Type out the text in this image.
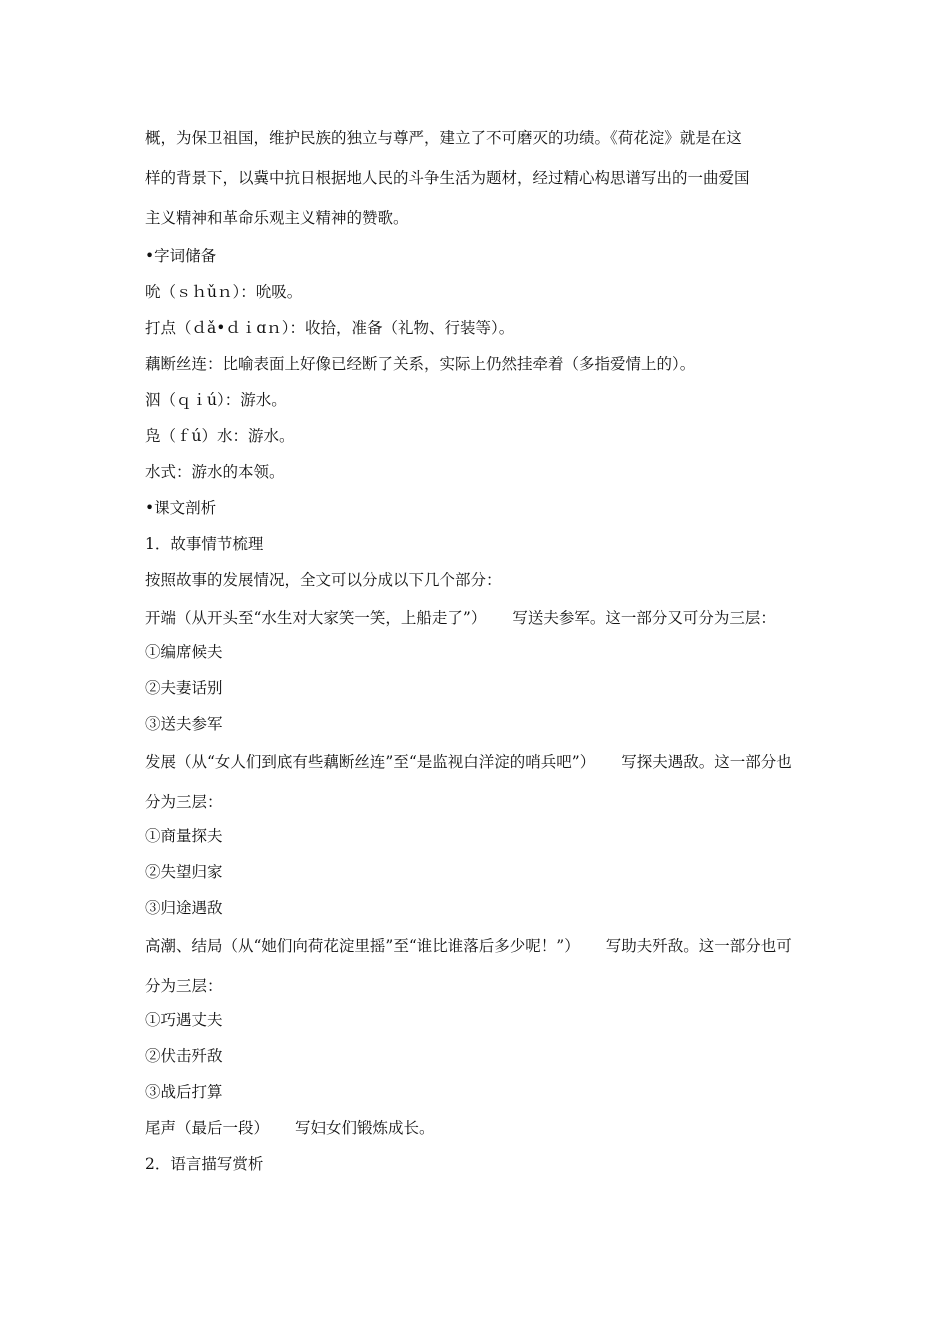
概，为保卫祖国，维护民族的独立与尊严，建立了不可磨灭的功绩。《荷花淀》就是在这
样的背景下，以冀中抗日根据地人民的斗争生活为题材，经过精心构思谱写出的一曲爱国
主义精神和革命乐观主义精神的赞歌。
•字词储备
吮（ｓｈǔｎ）：吮吸。
打点（ｄǎ•ｄｉɑｎ）：收拾，准备（礼物、行装等）。
藕断丝连：比喻表面上好像已经断了关系，实际上仍然挂牵着（多指爱情上的）。
泅（ｑｉú）：游水。
凫（ｆú）水：游水。
水式：游水的本领。
•课文剖析
1．故事情节梳理
按照故事的发展情况，全文可以分成以下几个部分：
开端（从开头至“水生对大家笑一笑，上船走了”） 写送夫参军。这一部分又可分为三层：
①编席候夫
②夫妻话别
③送夫参军
发展（从“女人们到底有些藕断丝连”至“是监视白洋淀的哨兵吧”） 写探夫遇敌。这一部分也分为三层：
①商量探夫
②失望归家
③归途遇敌
高潮、结局（从“她们向荷花淀里摇”至“谁比谁落后多少呢！”） 写助夫歼敌。这一部分也可分为三层：
①巧遇丈夫
②伏击歼敌
③战后打算
尾声（最后一段） 写妇女们锻炼成长。
2．语言描写赏析
